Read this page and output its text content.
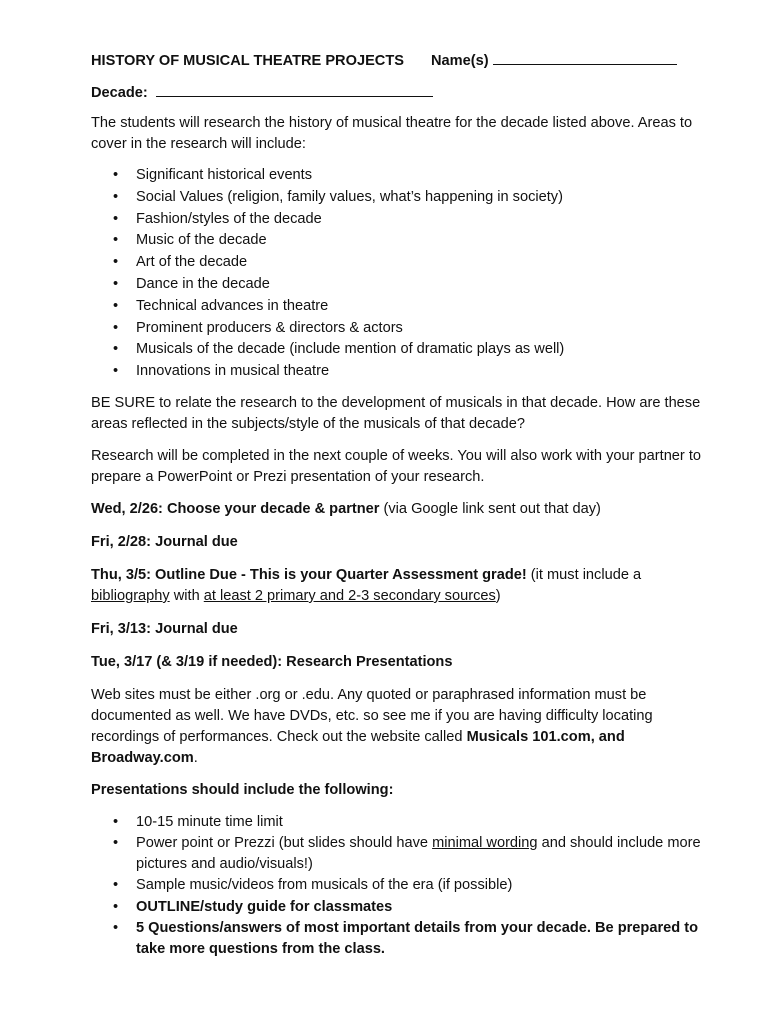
HISTORY OF MUSICAL THEATRE PROJECTS Name(s)

Decade:

The students will research the history of musical theatre for the decade listed above. Areas to cover in the research will include:

• Significant historical events
• Social Values (religion, family values, what’s happening in society)
• Fashion/styles of the decade
• Music of the decade
• Art of the decade
• Dance in the decade
• Technical advances in theatre
• Prominent producers & directors & actors
• Musicals of the decade (include mention of dramatic plays as well)
• Innovations in musical theatre

BE SURE to relate the research to the development of musicals in that decade. How are these areas reflected in the subjects/style of the musicals of that decade?

Research will be completed in the next couple of weeks. You will also work with your partner to prepare a PowerPoint or Prezi presentation of your research.

Wed, 2/26: Choose your decade & partner (via Google link sent out that day)

Fri, 2/28: Journal due

Thu, 3/5: Outline Due - This is your Quarter Assessment grade! (it must include a bibliography with at least 2 primary and 2-3 secondary sources)

Fri, 3/13: Journal due

Tue, 3/17 (& 3/19 if needed): Research Presentations

Web sites must be either .org or .edu. Any quoted or paraphrased information must be documented as well. We have DVDs, etc. so see me if you are having difficulty locating recordings of performances. Check out the website called Musicals 101.com, and Broadway.com.

Presentations should include the following:

• 10-15 minute time limit
• Power point or Prezzi (but slides should have minimal wording and should include more pictures and audio/visuals!)
• Sample music/videos from musicals of the era (if possible)
• OUTLINE/study guide for classmates
• 5 Questions/answers of most important details from your decade. Be prepared to take more questions from the class.
